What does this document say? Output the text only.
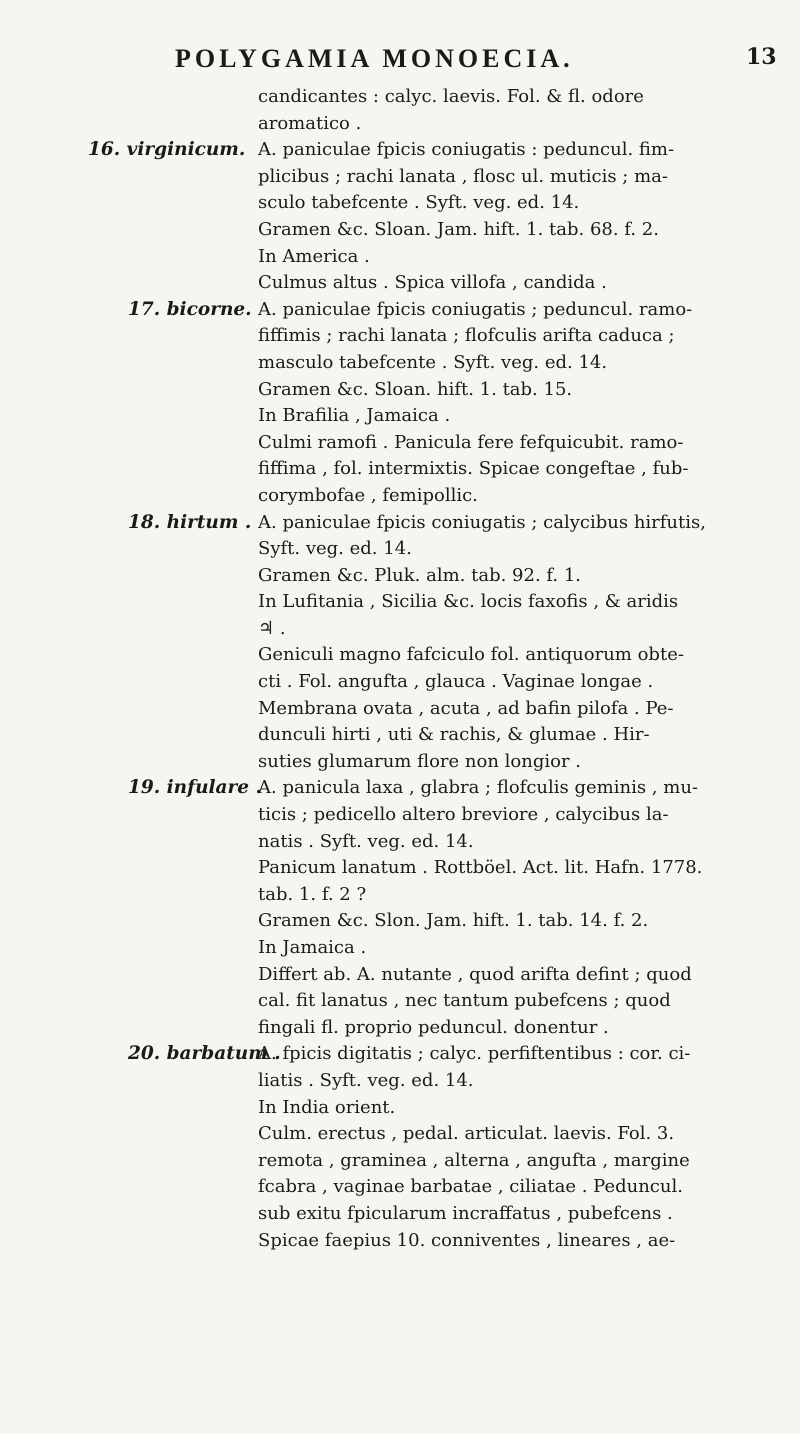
POLYGAMIA MONOECIA.	13
candicantes : calyc. laevis. Fol. & fl. odore
aromatico .
16. virginicum. A. paniculae fpicis coniugatis : peduncul. fim-
plicibus ; rachi lanata , flosc ul. muticis ; ma-
sculo tabefcente . Syft. veg. ed. 14.
Gramen &c. Sloan. Jam. hift. 1. tab. 68. f. 2.
In America .
Culmus altus . Spica villofa , candida .
17. bicorne. A. paniculae fpicis coniugatis ; peduncul. ramo-
fiffimis ; rachi lanata ; flofculis arifta caduca ;
masculo tabefcente . Syft. veg. ed. 14.
Gramen &c. Sloan. hift. 1. tab. 15.
In Brafilia , Jamaica .
Culmi ramofi . Panicula fere fefquicubit. ramo-
fiffima , fol. intermixtis. Spicae congeftae , fub-
corymbofae , femipollic.
18. hirtum . A. paniculae fpicis coniugatis ; calycibus hirfutis,
Syft. veg. ed. 14.
Gramen &c. Pluk. alm. tab. 92. f. 1.
In Lufitania , Sicilia &c. locis faxofis , & aridis
♃ .
Geniculi magno fafciculo fol. antiquorum obte-
cti . Fol. angufta , glauca . Vaginae longae .
Membrana ovata , acuta , ad bafin pilofa . Pe-
dunculi hirti , uti & rachis, & glumae . Hir-
suties glumarum flore non longior .
19. infulare .
A. panicula laxa , glabra ; flofculis geminis , mu-
ticis ; pedicello altero breviore , calycibus la-
natis . Syft. veg. ed. 14.
Panicum lanatum . Rottböel. Act. lit. Hafn. 1778.
tab. 1. f. 2 ?
Gramen &c. Slon. Jam. hift. 1. tab. 14. f. 2.
In Jamaica .
Differt ab. A. nutante , quod arifta defint ; quod
cal. fit lanatus , nec tantum pubefcens ; quod
fingali fl. proprio peduncul. donentur .
20. barbatum .
A. fpicis digitatis ; calyc. perfiftentibus : cor. ci-
liatis . Syft. veg. ed. 14.
In India orient.
Culm. erectus , pedal. articulat. laevis. Fol. 3.
remota , graminea , alterna , angufta , margine
fcabra , vaginae barbatae , ciliatae . Peduncul.
sub exitu fpicularum incraffatus , pubefcens .
Spicae faepius 10. conniventes , lineares , ae-
